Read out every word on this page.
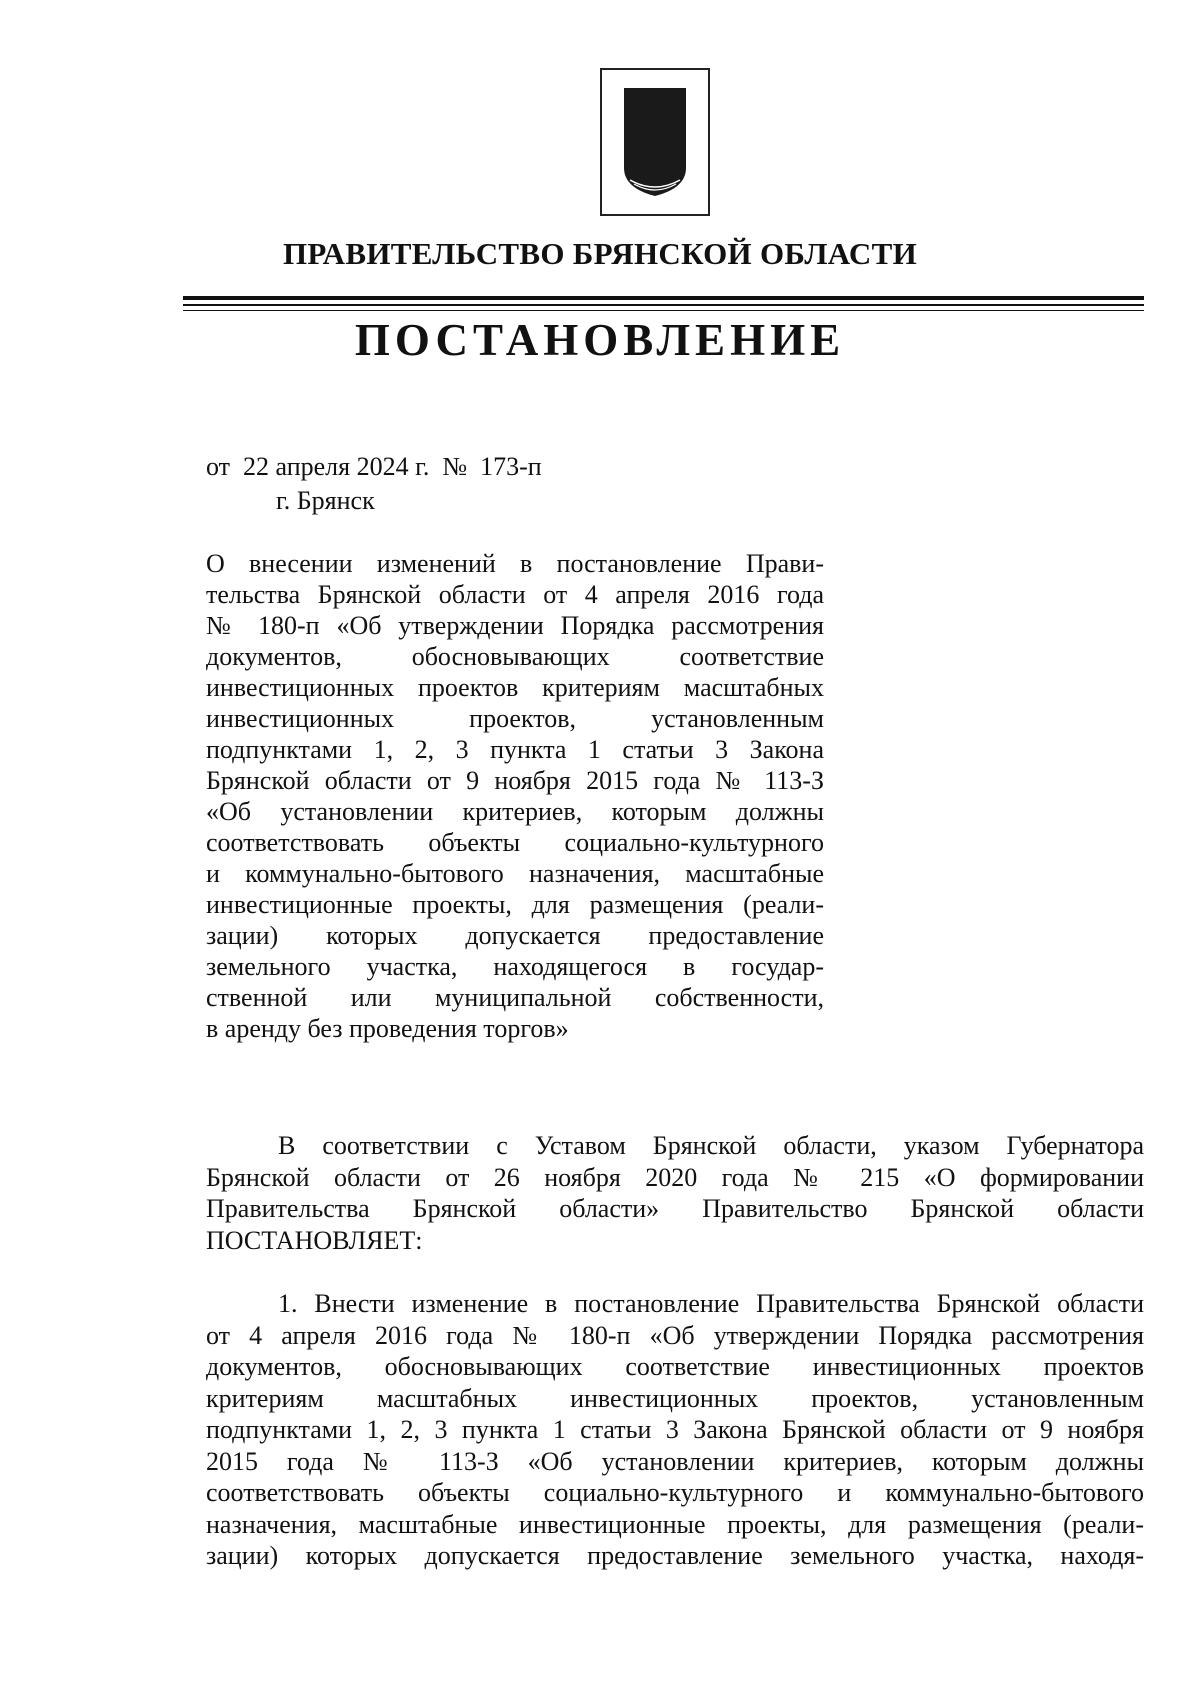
ПРАВИТЕЛЬСТВО БРЯНСКОЙ ОБЛАСТИ
ПОСТАНОВЛЕНИЕ
от  22 апреля 2024 г.  №  173-п
г. Брянск
О внесении изменений в постановление Прави-
тельства Брянской области от 4 апреля 2016 года
№ 180-п «Об утверждении Порядка рассмотрения
документов, обосновывающих соответствие
инвестиционных проектов критериям масштабных
инвестиционных проектов, установленным
подпунктами 1, 2, 3 пункта 1 статьи 3 Закона
Брянской области от 9 ноября 2015 года № 113-З
«Об установлении критериев, которым должны
соответствовать объекты социально-культурного
и коммунально-бытового назначения, масштабные
инвестиционные проекты, для размещения (реали-
зации) которых допускается предоставление
земельного участка, находящегося в государ-
ственной или муниципальной собственности,
в аренду без проведения торгов»
В соответствии с Уставом Брянской области, указом Губернатора
Брянской области от 26 ноября 2020 года № 215 «О формировании
Правительства Брянской области» Правительство Брянской области
ПОСТАНОВЛЯЕТ:
1. Внести изменение в постановление Правительства Брянской области
от 4 апреля 2016 года № 180-п «Об утверждении Порядка рассмотрения
документов, обосновывающих соответствие инвестиционных проектов
критериям масштабных инвестиционных проектов, установленным
подпунктами 1, 2, 3 пункта 1 статьи 3 Закона Брянской области от 9 ноября
2015 года № 113-З «Об установлении критериев, которым должны
соответствовать объекты социально-культурного и коммунально-бытового
назначения, масштабные инвестиционные проекты, для размещения (реали-
зации) которых допускается предоставление земельного участка, находя-
